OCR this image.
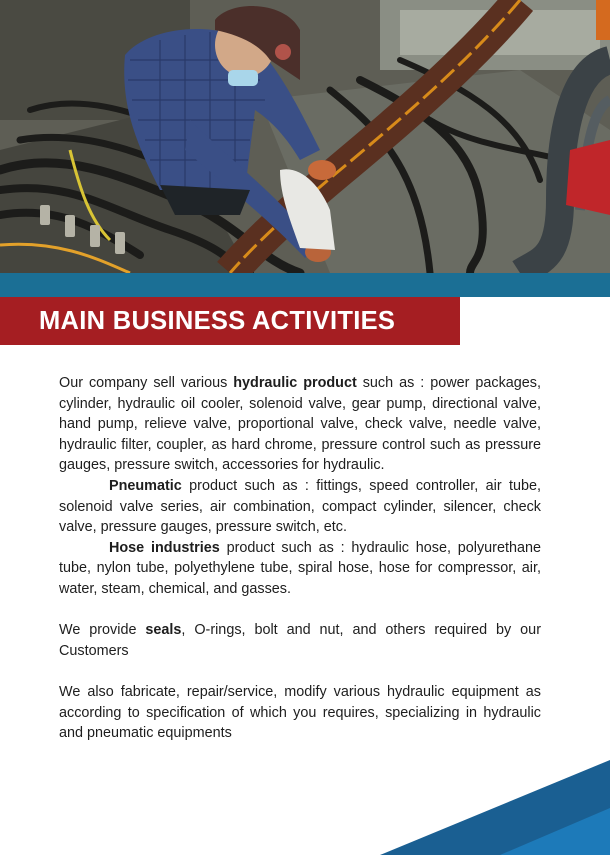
MAIN BUSINESS ACTIVITIES

Our company sell various hydraulic product such as : power packages, cylinder, hydraulic oil cooler, solenoid valve, gear pump, directional valve, hand pump, relieve valve, proportional valve, check valve, needle valve, hydraulic filter, coupler, as hard chrome, pressure control such as pressure gauges, pressure switch, accessories for hydraulic.

Pneumatic product such as : fittings, speed controller, air tube, solenoid valve series, air combination, compact cylinder, silencer, check valve, pressure gauges, pressure switch, etc.

Hose industries product such as : hydraulic hose, polyurethane tube, nylon tube, polyethylene tube, spiral hose, hose for compressor, air, water, steam, chemical, and gasses.

We provide seals, O-rings, bolt and nut, and others required by our Customers

We also fabricate, repair/service, modify various hydraulic equipment as according to specification of which you requires, specializing in hydraulic and pneumatic equipments
